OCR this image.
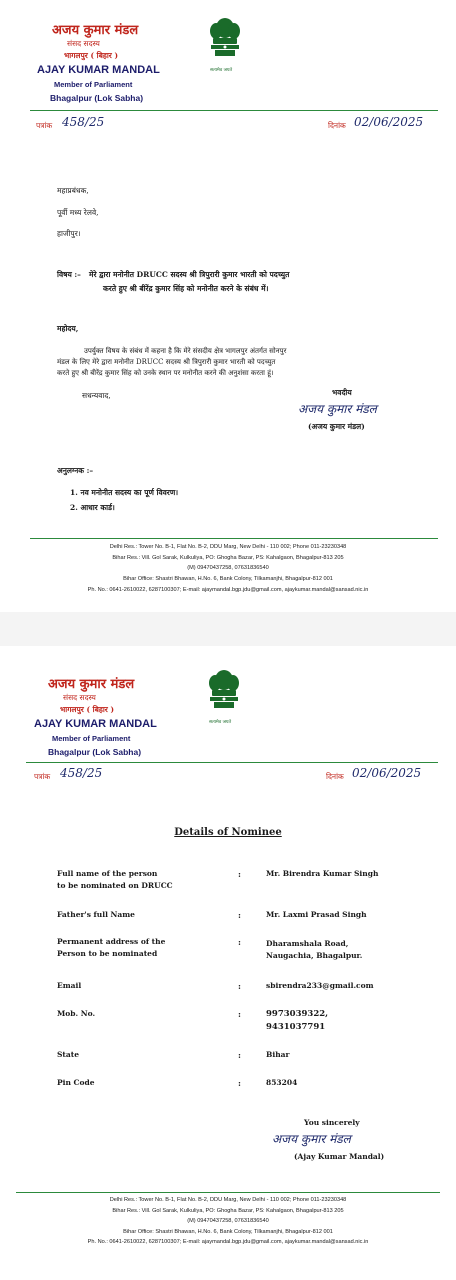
अजय कुमार मंडल
संसद सदस्य
भागलपुर ( बिहार )
AJAY KUMAR MANDAL
Member of Parliament
Bhagalpur (Lok Sabha)
सत्यमेव जयते
पत्रांक 458/25	दिनांक 02/06/2025
महाप्रबंधक,
पूर्वी मध्य रेलवे,
हाजीपुर।
विषय :– मेरे द्वारा मनोनीत DRUCC सदस्य श्री त्रिपुरारी कुमार भारती को पदच्युत
करते हुए श्री बीरेंद्र कुमार सिंह को मनोनीत करने के संबंध में।
महोदय,
उपर्युक्त विषय के संबंध में कहना है कि मेरे संसदीय क्षेत्र भागलपुर अंतर्गत सोनपुर
मंडल के लिए मेरे द्वारा मनोनीत DRUCC सदस्य श्री त्रिपुरारी कुमार भारती को पदच्युत
करते हुए श्री बीरेंद्र कुमार सिंह को उनके स्थान पर मनोनीत करने की अनुशंसा करता हूं।
सधन्यवाद,	भवदीय
अजय कुमार मंडल
(अजय कुमार मंडल)
अनुलग्नक :–
1. नव मनोनीत सदस्य का पूर्ण विवरण।
2. आधार कार्ड।
Delhi Res.: Tower No. B-1, Flat No. B-2, DDU Marg, New Delhi - 110 002; Phone 011-23230348
Bihar Res.: Vill. Gol Sarak, Kulkuliya, PO: Ghogha Bazar, PS: Kahalgaon, Bhagalpur-813 205
(M) 09470437258, 07631836540
Bihar Office: Shastri Bhawan, H.No. 6, Bank Colony, Tilkamanjhi, Bhagalpur-812 001
Ph. No.: 0641-2610022, 6287100307; E-mail: ajaymandal.bgp.jdu@gmail.com, ajaykumar.mandal@sansad.nic.in
अजय कुमार मंडल
संसद सदस्य
भागलपुर ( बिहार )
AJAY KUMAR MANDAL
Member of Parliament
Bhagalpur (Lok Sabha)
सत्यमेव जयते
पत्रांक 458/25	दिनांक 02/06/2025
Details of Nominee
Full name of the person
to be nominated on DRUCC
:	Mr. Birendra Kumar Singh
Father's full Name	:	Mr. Laxmi Prasad Singh
Permanent address of the
Person to be nominated
:	Dharamshala Road,
Naugachia, Bhagalpur.
Email	:	sbirendra233@gmail.com
Mob. No.	:	9973039322,
9431037791
State	:	Bihar
Pin Code	:	853204
You sincerely
अजय कुमार मंडल
(Ajay Kumar Mandal)
Delhi Res.: Tower No. B-1, Flat No. B-2, DDU Marg, New Delhi - 110 002; Phone 011-23230348
Bihar Res.: Vill. Gol Sarak, Kulkuliya, PO: Ghogha Bazar, PS: Kahalgaon, Bhagalpur-813 205
(M) 09470437258, 07631836540
Bihar Office: Shastri Bhawan, H.No. 6, Bank Colony, Tilkamanjhi, Bhagalpur-812 001
Ph. No.: 0641-2610022, 6287100307; E-mail: ajaymandal.bgp.jdu@gmail.com, ajaykumar.mandal@sansad.nic.in
